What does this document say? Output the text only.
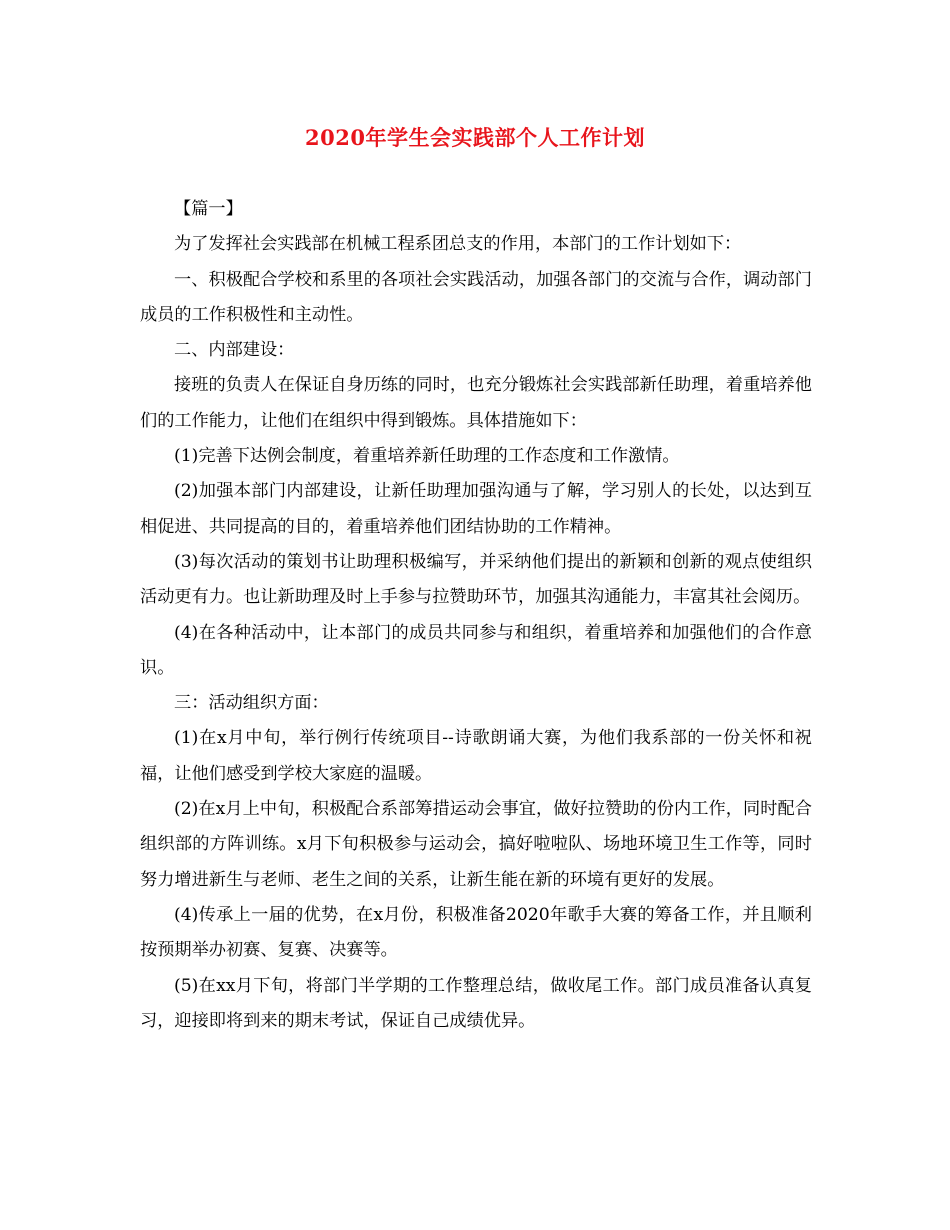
2020年学生会实践部个人工作计划

【篇一】

为了发挥社会实践部在机械工程系团总支的作用，本部门的工作计划如下：

一、积极配合学校和系里的各项社会实践活动，加强各部门的交流与合作，调动部门成员的工作积极性和主动性。

二、内部建设：

接班的负责人在保证自身历练的同时，也充分锻炼社会实践部新任助理，着重培养他们的工作能力，让他们在组织中得到锻炼。具体措施如下：

(1)完善下达例会制度，着重培养新任助理的工作态度和工作激情。

(2)加强本部门内部建设，让新任助理加强沟通与了解，学习别人的长处，以达到互相促进、共同提高的目的，着重培养他们团结协助的工作精神。

(3)每次活动的策划书让助理积极编写，并采纳他们提出的新颖和创新的观点使组织活动更有力。也让新助理及时上手参与拉赞助环节，加强其沟通能力，丰富其社会阅历。

(4)在各种活动中，让本部门的成员共同参与和组织，着重培养和加强他们的合作意识。

三：活动组织方面：

(1)在x月中旬，举行例行传统项目--诗歌朗诵大赛，为他们我系部的一份关怀和祝福，让他们感受到学校大家庭的温暖。

(2)在x月上中旬，积极配合系部筹措运动会事宜，做好拉赞助的份内工作，同时配合组织部的方阵训练。x月下旬积极参与运动会，搞好啦啦队、场地环境卫生工作等，同时努力增进新生与老师、老生之间的关系，让新生能在新的环境有更好的发展。

(4)传承上一届的优势，在x月份，积极准备2020年歌手大赛的筹备工作，并且顺利按预期举办初赛、复赛、决赛等。

(5)在xx月下旬，将部门半学期的工作整理总结，做收尾工作。部门成员准备认真复习，迎接即将到来的期末考试，保证自己成绩优异。
